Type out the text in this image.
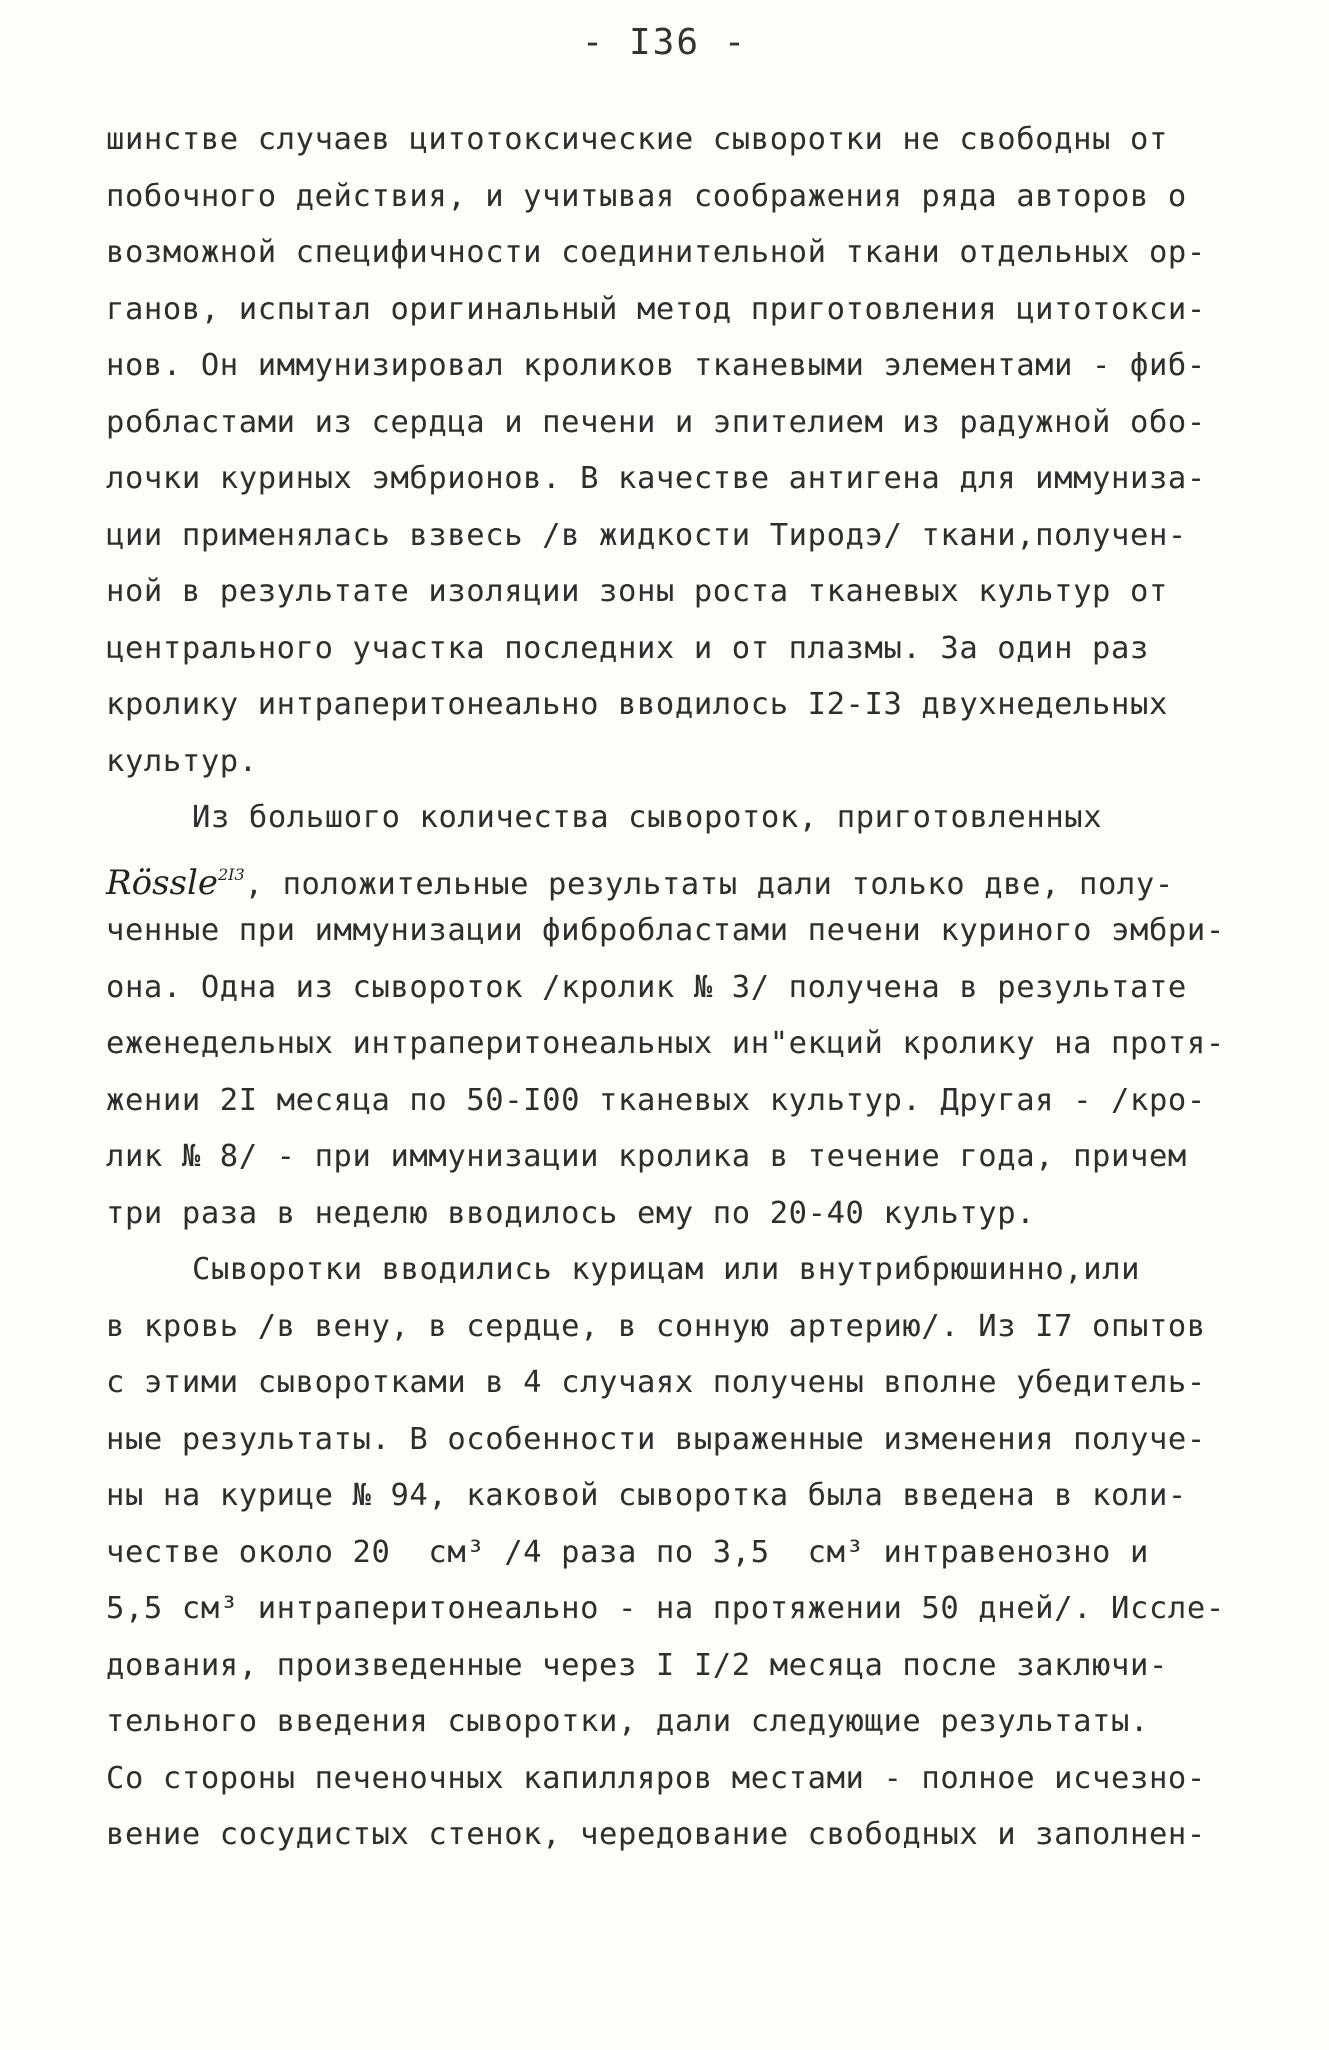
- I36 -
шинстве случаев цитотоксические сыворотки не свободны от
побочного действия, и учитывая соображения ряда авторов о
возможной специфичности соединительной ткани отдельных ор-
ганов, испытал оригинальный метод приготовления цитотокси-
нов. Он иммунизировал кроликов тканевыми элементами - фиб-
робластами из сердца и печени и эпителием из радужной обо-
лочки куриных эмбрионов. В качестве антигена для иммуниза-
ции применялась взвесь /в жидкости Тиродэ/ ткани,получен-
ной в результате изоляции зоны роста тканевых культур от
центрального участка последних и от плазмы. За один раз
кролику интраперитонеально вводилось I2-I3 двухнедельных
культур.
Из большого количества сывороток, приготовленных
Rössle$^{2I3}$, положительные результаты дали только две, полу-
ченные при иммунизации фибробластами печени куриного эмбри-
она. Одна из сывороток /кролик № 3/ получена в результате
еженедельных интраперитонеальных ин"екций кролику на протя-
жении 2I месяца по 50-I00 тканевых культур. Другая - /кро-
лик № 8/ - при иммунизации кролика в течение года, причем
три раза в неделю вводилось ему по 20-40 культур.
Сыворотки вводились курицам или внутрибрюшинно,или
в кровь /в вену, в сердце, в сонную артерию/. Из I7 опытов
с этими сыворотками в 4 случаях получены вполне убедитель-
ные результаты. В особенности выраженные изменения получе-
ны на курице № 94, каковой сыворотка была введена в коли-
честве около 20  см³ /4 раза по 3,5  см³ интравенозно и
5,5 см³ интраперитонеально - на протяжении 50 дней/. Иссле-
дования, произведенные через I I/2 месяца после заключи-
тельного введения сыворотки, дали следующие результаты.
Со стороны печеночных капилляров местами - полное исчезно-
вение сосудистых стенок, чередование свободных и заполнен-
